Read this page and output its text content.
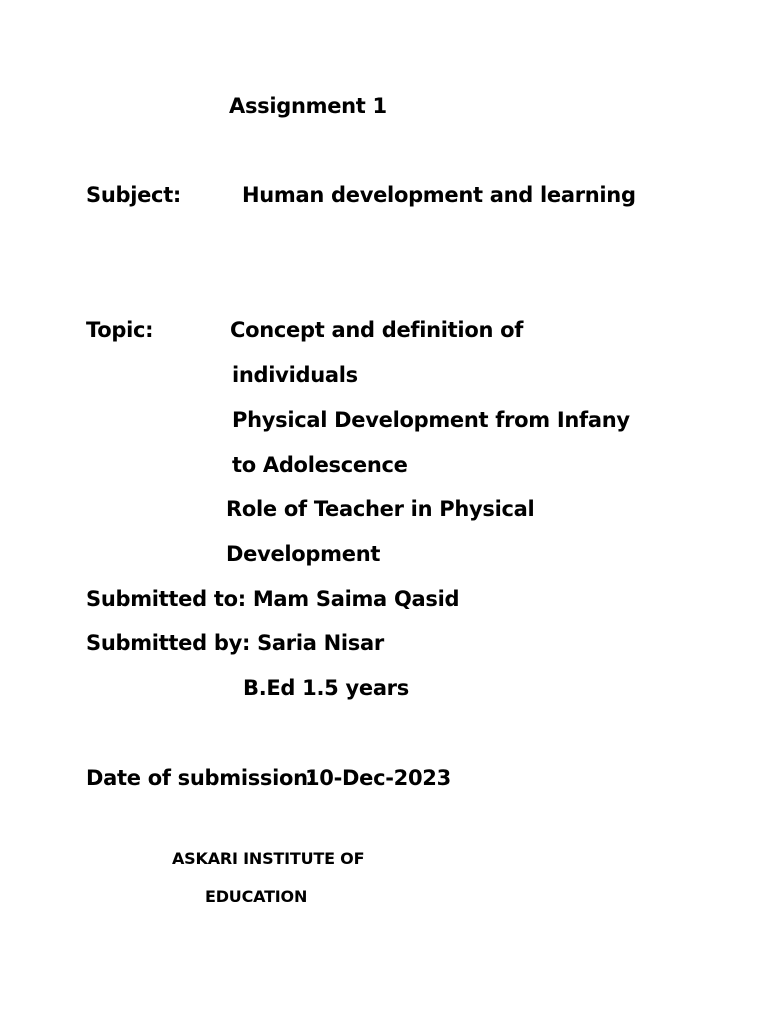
Assignment 1
Subject:	Human development and learning
Topic:	Concept and definition of
individuals
Physical Development from Infany
to Adolescence
Role of Teacher in Physical
Development
Submitted to: Mam Saima Qasid
Submitted by: Saria Nisar
B.Ed 1.5 years
Date of submission:
10-Dec-2023
ASKARI INSTITUTE OF
EDUCATION
